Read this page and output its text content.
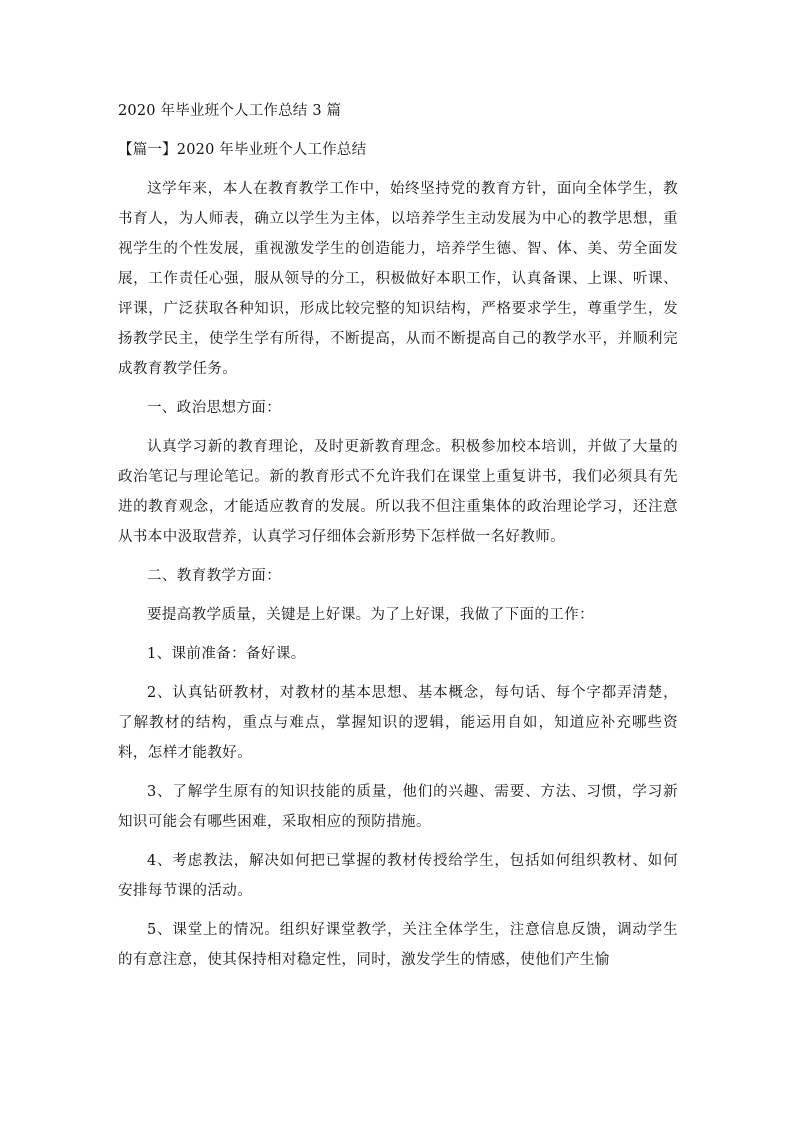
2020 年毕业班个人工作总结 3 篇
【篇一】2020 年毕业班个人工作总结

这学年来，本人在教育教学工作中，始终坚持党的教育方针，面向全体学生，教书育人，为人师表，确立以学生为主体，以培养学生主动发展为中心的教学思想，重视学生的个性发展，重视激发学生的创造能力，培养学生德、智、体、美、劳全面发展，工作责任心强，服从领导的分工，积极做好本职工作，认真备课、上课、听课、评课，广泛获取各种知识，形成比较完整的知识结构，严格要求学生，尊重学生，发扬教学民主，使学生学有所得，不断提高，从而不断提高自己的教学水平，并顺利完成教育教学任务。

一、政治思想方面：

认真学习新的教育理论，及时更新教育理念。积极参加校本培训，并做了大量的政治笔记与理论笔记。新的教育形式不允许我们在课堂上重复讲书，我们必须具有先进的教育观念，才能适应教育的发展。所以我不但注重集体的政治理论学习，还注意从书本中汲取营养，认真学习仔细体会新形势下怎样做一名好教师。

二、教育教学方面：

要提高教学质量，关键是上好课。为了上好课，我做了下面的工作：

1、课前准备：备好课。

2、认真钻研教材，对教材的基本思想、基本概念，每句话、每个字都弄清楚，了解教材的结构，重点与难点，掌握知识的逻辑，能运用自如，知道应补充哪些资料，怎样才能教好。

3、了解学生原有的知识技能的质量，他们的兴趣、需要、方法、习惯，学习新知识可能会有哪些困难，采取相应的预防措施。

4、考虑教法，解决如何把已掌握的教材传授给学生，包括如何组织教材、如何安排每节课的活动。

5、课堂上的情况。组织好课堂教学，关注全体学生，注意信息反馈，调动学生的有意注意，使其保持相对稳定性，同时，激发学生的情感，使他们产生愉
